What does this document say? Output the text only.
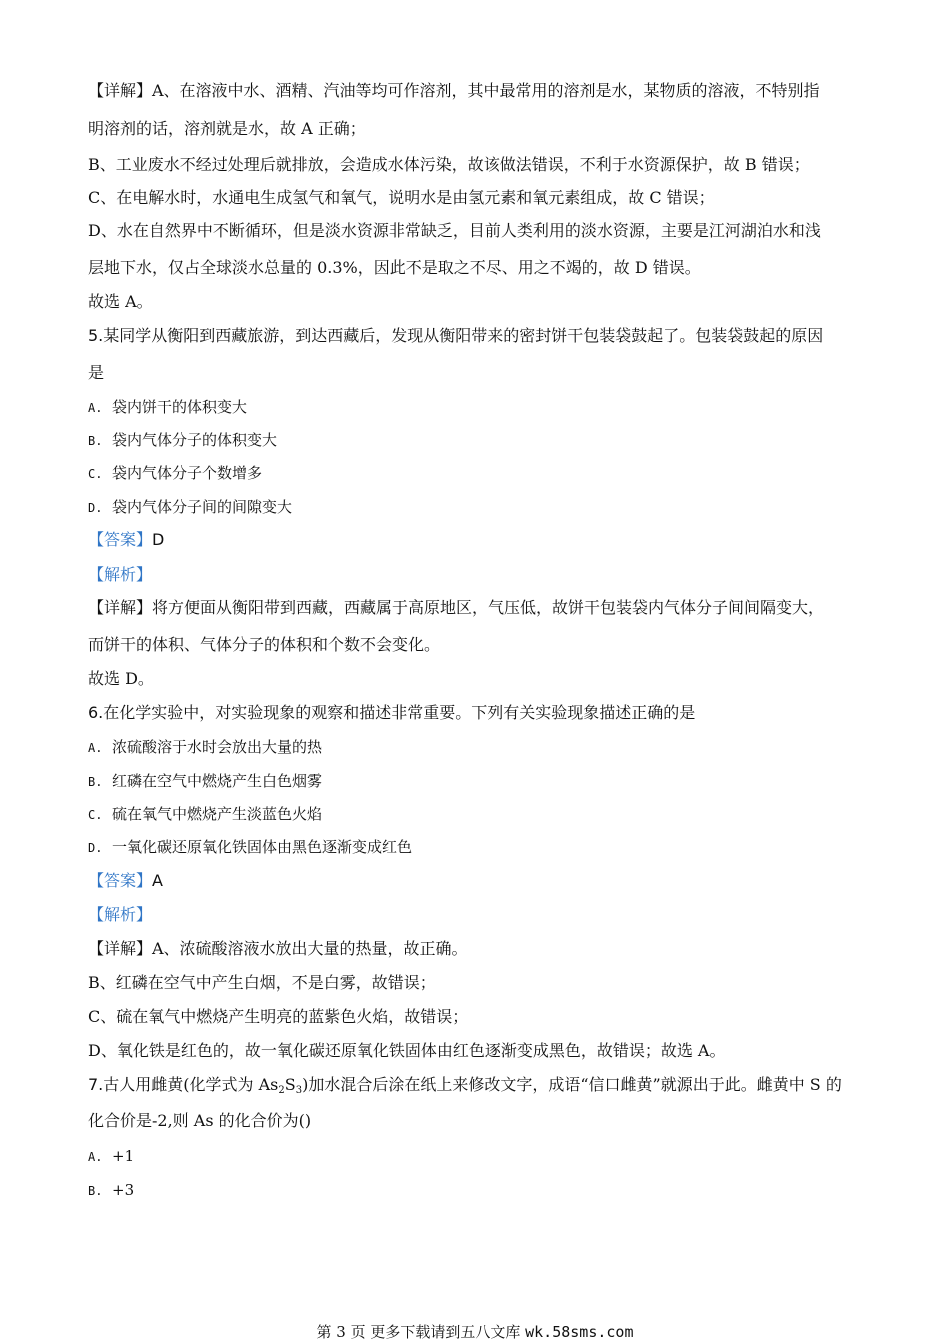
【详解】A、在溶液中水、酒精、汽油等均可作溶剂，其中最常用的溶剂是水，某物质的溶液，不特别指
明溶剂的话，溶剂就是水，故 A 正确；
B、工业废水不经过处理后就排放，会造成水体污染，故该做法错误，不利于水资源保护，故 B 错误；
C、在电解水时，水通电生成氢气和氧气，说明水是由氢元素和氧元素组成，故 C 错误；
D、水在自然界中不断循环，但是淡水资源非常缺乏，目前人类利用的淡水资源，主要是江河湖泊水和浅
层地下水，仅占全球淡水总量的 0.3%，因此不是取之不尽、用之不竭的，故 D 错误。
故选 A。
5.某同学从衡阳到西藏旅游，到达西藏后，发现从衡阳带来的密封饼干包装袋鼓起了。包装袋鼓起的原因
是
A. 袋内饼干的体积变大
B. 袋内气体分子的体积变大
C. 袋内气体分子个数增多
D. 袋内气体分子间的间隙变大
【答案】D
【解析】
【详解】将方便面从衡阳带到西藏，西藏属于高原地区，气压低，故饼干包装袋内气体分子间间隔变大，
而饼干的体积、气体分子的体积和个数不会变化。
故选 D。
6.在化学实验中，对实验现象的观察和描述非常重要。下列有关实验现象描述正确的是
A. 浓硫酸溶于水时会放出大量的热
B. 红磷在空气中燃烧产生白色烟雾
C. 硫在氧气中燃烧产生淡蓝色火焰
D. 一氧化碳还原氧化铁固体由黑色逐渐变成红色
【答案】A
【解析】
【详解】A、浓硫酸溶液水放出大量的热量，故正确。
B、红磷在空气中产生白烟，不是白雾，故错误；
C、硫在氧气中燃烧产生明亮的蓝紫色火焰，故错误；
D、氧化铁是红色的，故一氧化碳还原氧化铁固体由红色逐渐变成黑色，故错误；故选 A。
7.古人用雌黄(化学式为 $As_2S_3$)加水混合后涂在纸上来修改文字，成语“信口雌黄”就源出于此。雌黄中 S 的
化合价是-2,则 As 的化合价为()
A. +1
B. +3
第 3 页 更多下载请到五八文库 wk.58sms.com
